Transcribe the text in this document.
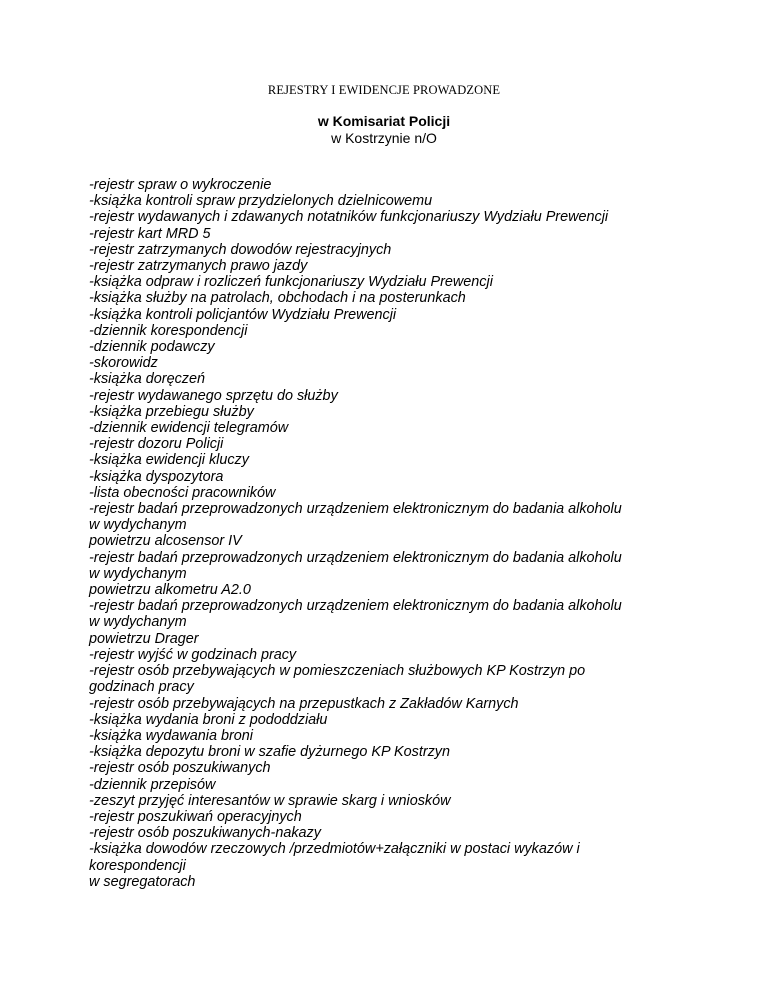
REJESTRY I EWIDENCJE PROWADZONE

w Komisariat Policji

w Kostrzynie n/O

-rejestr spraw o wykroczenie
-książka kontroli spraw przydzielonych dzielnicowemu
-rejestr wydawanych i zdawanych notatników funkcjonariuszy Wydziału Prewencji
-rejestr kart MRD 5
-rejestr zatrzymanych dowodów rejestracyjnych
-rejestr zatrzymanych prawo jazdy
-książka odpraw i rozliczeń funkcjonariuszy Wydziału Prewencji
-książka służby na patrolach, obchodach i na posterunkach
-książka kontroli policjantów Wydziału Prewencji
-dziennik korespondencji
-dziennik podawczy
-skorowidz
-książka doręczeń
-rejestr wydawanego sprzętu do służby
-książka przebiegu służby
-dziennik ewidencji telegramów
-rejestr dozoru Policji
-książka ewidencji kluczy
-książka dyspozytora
-lista obecności pracowników
-rejestr badań przeprowadzonych urządzeniem elektronicznym do badania alkoholu
w wydychanym
powietrzu alcosensor IV
-rejestr badań przeprowadzonych urządzeniem elektronicznym do badania alkoholu
w wydychanym
powietrzu alkometru A2.0
-rejestr badań przeprowadzonych urządzeniem elektronicznym do badania alkoholu
w wydychanym
powietrzu Drager
-rejestr wyjść w godzinach pracy
-rejestr osób przebywających w pomieszczeniach służbowych KP Kostrzyn po
godzinach pracy
-rejestr osób przebywających na przepustkach z Zakładów Karnych
-książka wydania broni z pododdziału
-książka wydawania broni
-książka depozytu broni w szafie dyżurnego KP Kostrzyn
-rejestr osób poszukiwanych
-dziennik przepisów
-zeszyt przyjęć interesantów w sprawie skarg i wniosków
-rejestr poszukiwań operacyjnych
-rejestr osób poszukiwanych-nakazy
-książka dowodów rzeczowych /przedmiotów+załączniki w postaci wykazów i
korespondencji
w segregatorach
